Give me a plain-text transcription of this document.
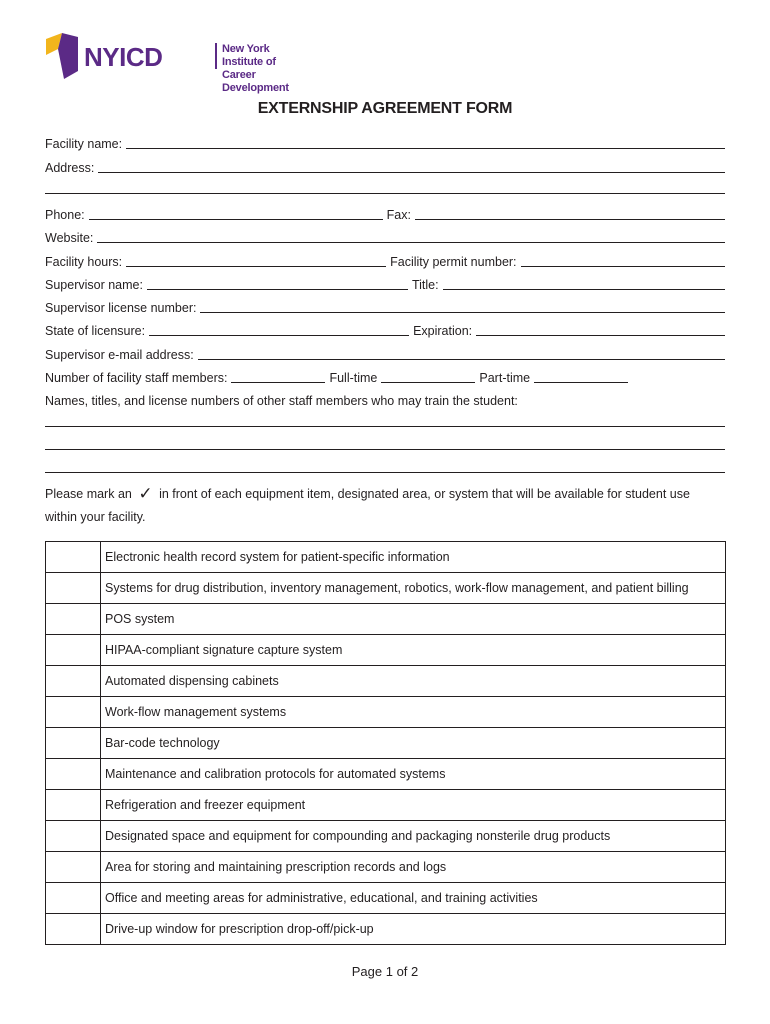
NYICD	New York Institute of
Career Development
EXTERNSHIP AGREEMENT FORM
Facility name:
Address:
Phone:	Fax:
Website:
Facility hours:	Facility permit number:
Supervisor name:	Title:
Supervisor license number:
State of licensure:	Expiration:
Supervisor e-mail address:
Number of facility staff members:	Full-time	Part-time
Names, titles, and license numbers of other staff members who may train the student:
Please mark an ✓ in front of each equipment item, designated area, or system that will be available for student use within your facility.
	Electronic health record system for patient-specific information
	Systems for drug distribution, inventory management, robotics, work-flow management, and patient billing
	POS system
	HIPAA-compliant signature capture system
	Automated dispensing cabinets
	Work-flow management systems
	Bar-code technology
	Maintenance and calibration protocols for automated systems
	Refrigeration and freezer equipment
	Designated space and equipment for compounding and packaging nonsterile drug products
	Area for storing and maintaining prescription records and logs
	Office and meeting areas for administrative, educational, and training activities
	Drive-up window for prescription drop-off/pick-up
Page 1 of 2
